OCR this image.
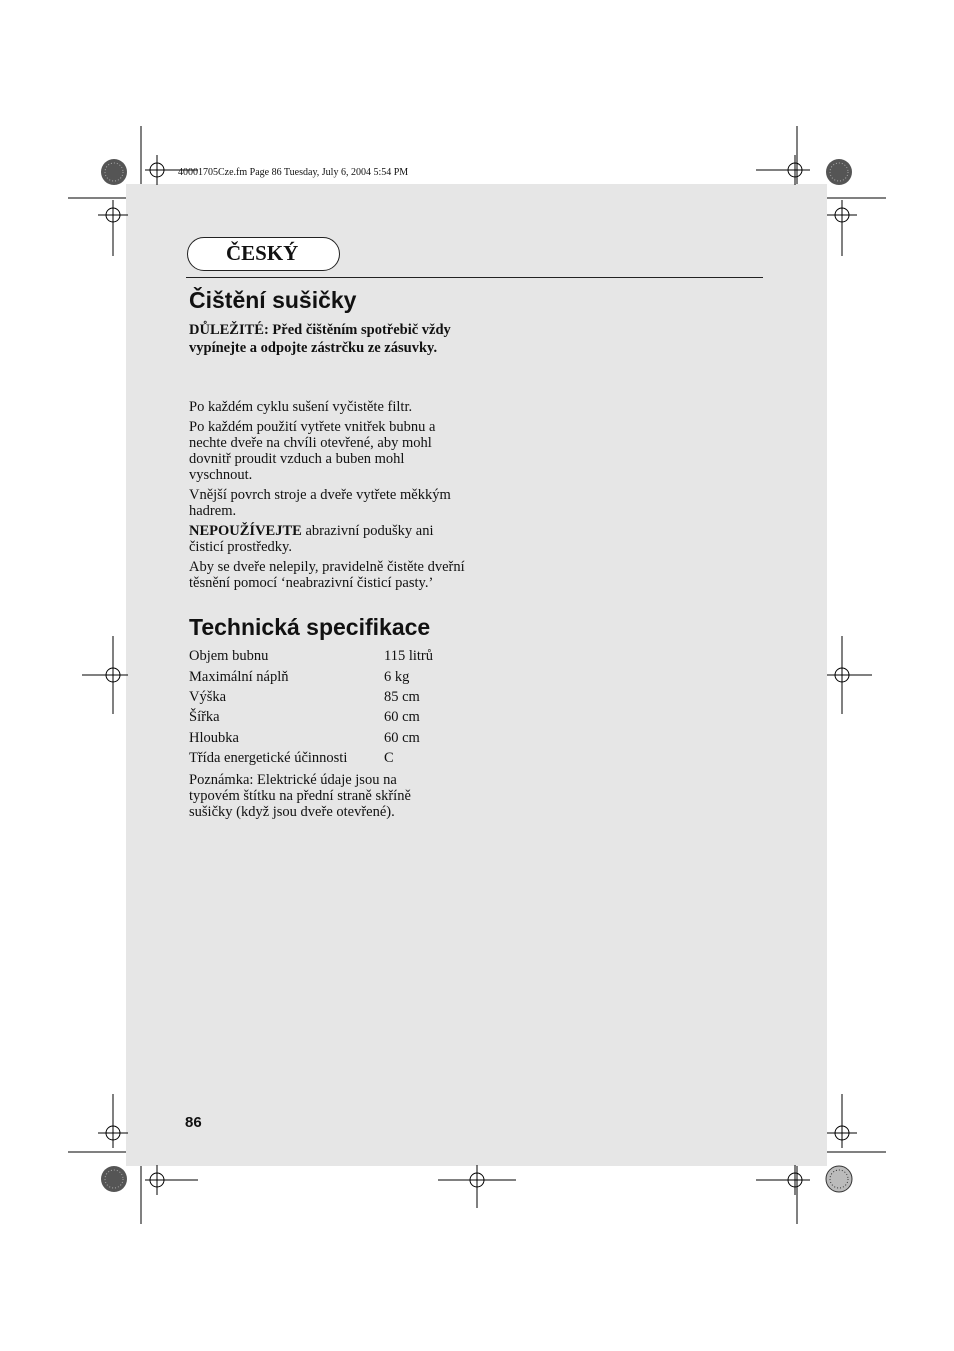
40001705Cze.fm Page 86 Tuesday, July 6, 2004 5:54 PM
ČESKÝ
Čištění sušičky
DŮLEŽITÉ: Před čištěním spotřebič vždy vypínejte a odpojte zástrčku ze zásuvky.
Po každém cyklu sušení vyčistěte filtr.
Po každém použití vytřete vnitřek bubnu a nechte dveře na chvíli otevřené, aby mohl dovnitř proudit vzduch a buben mohl vyschnout.
Vnější povrch stroje a dveře vytřete měkkým hadrem.
NEPOUŽÍVEJTE abrazivní podušky ani čisticí prostředky.
Aby se dveře nelepily, pravidelně čistěte dveřní těsnění pomocí ‘neabrazivní čisticí pasty.’
Technická specifikace
Objem bubnu	115 litrů
Maximální náplň	6 kg
Výška	85 cm
Šířka	60 cm
Hloubka	60 cm
Třída energetické účinnosti	C
Poznámka: Elektrické údaje jsou na typovém štítku na přední straně skříně sušičky (když jsou dveře otevřené).
86
